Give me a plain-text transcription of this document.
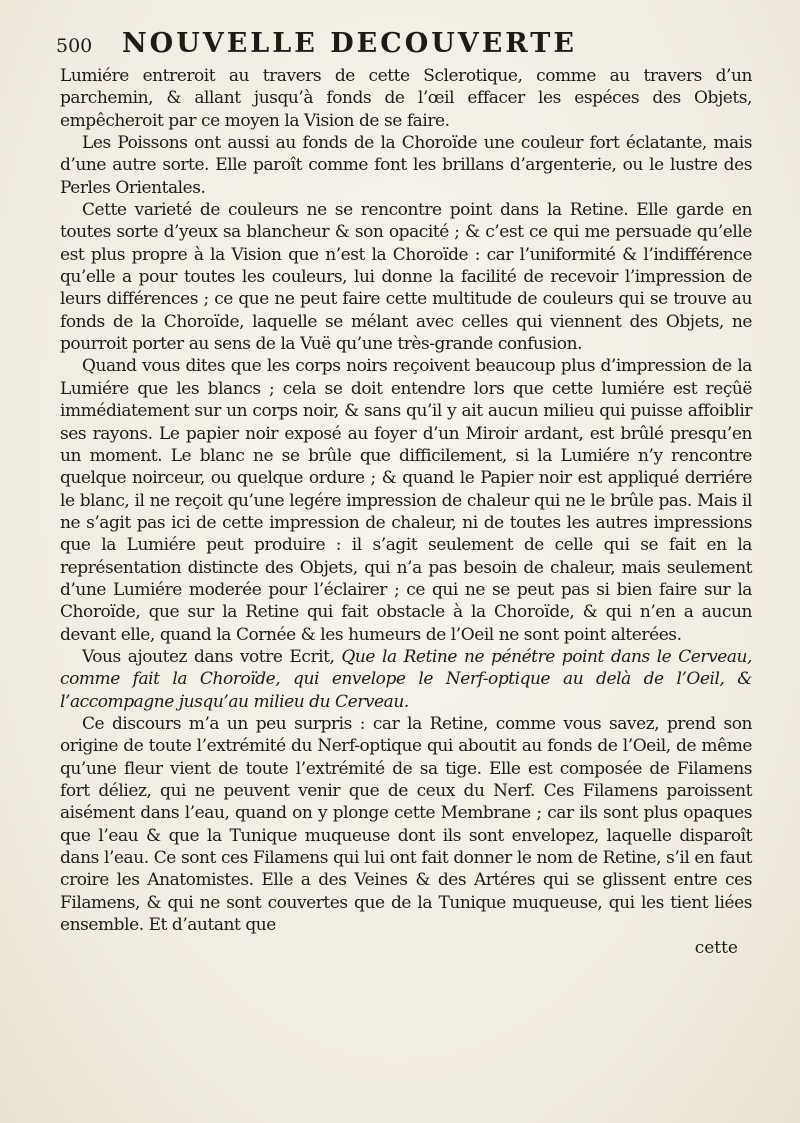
500	NOUVELLE DECOUVERTE

Lumiére entreroit au travers de cette Sclerotique, comme au travers d’un parchemin, & allant jusqu’à fonds de l’œil effacer les espéces des Objets, empêcheroit par ce moyen la Vision de se faire.

Les Poissons ont aussi au fonds de la Choroïde une couleur fort éclatante, mais d’une autre sorte. Elle paroît comme font les brillans d’argenterie, ou le lustre des Perles Orientales.

Cette varieté de couleurs ne se rencontre point dans la Retine. Elle garde en toutes sorte d’yeux sa blancheur & son opacité ; & c’est ce qui me persuade qu’elle est plus propre à la Vision que n’est la Choroïde : car l’uniformité & l’indifférence qu’elle a pour toutes les couleurs, lui donne la facilité de recevoir l’impression de leurs différences ; ce que ne peut faire cette multitude de couleurs qui se trouve au fonds de la Choroïde, laquelle se mélant avec celles qui viennent des Objets, ne pourroit porter au sens de la Vuë qu’une très-grande confusion.

Quand vous dites que les corps noirs reçoivent beaucoup plus d’impression de la Lumiére que les blancs ; cela se doit entendre lors que cette lumiére est reçûë immédiatement sur un corps noir, & sans qu’il y ait aucun milieu qui puisse affoiblir ses rayons. Le papier noir exposé au foyer d’un Miroir ardant, est brûlé presqu’en un moment. Le blanc ne se brûle que difficilement, si la Lumiére n’y rencontre quelque noirceur, ou quelque ordure ; & quand le Papier noir est appliqué derriére le blanc, il ne reçoit qu’une legére impression de chaleur qui ne le brûle pas. Mais il ne s’agit pas ici de cette impression de chaleur, ni de toutes les autres impressions que la Lumiére peut produire : il s’agit seulement de celle qui se fait en la représentation distincte des Objets, qui n’a pas besoin de chaleur, mais seulement d’une Lumiére moderée pour l’éclairer ; ce qui ne se peut pas si bien faire sur la Choroïde, que sur la Retine qui fait obstacle à la Choroïde, & qui n’en a aucun devant elle, quand la Cornée & les humeurs de l’Oeil ne sont point alterées.

Vous ajoutez dans votre Ecrit, Que la Retine ne pénétre point dans le Cerveau, comme fait la Choroïde, qui envelope le Nerf-optique au delà de l’Oeil, & l’accompagne jusqu’au milieu du Cerveau.

Ce discours m’a un peu surpris : car la Retine, comme vous savez, prend son origine de toute l’extrémité du Nerf-optique qui aboutit au fonds de l’Oeil, de même qu’une fleur vient de toute l’extrémité de sa tige. Elle est composée de Filamens fort déliez, qui ne peuvent venir que de ceux du Nerf. Ces Filamens paroissent aisément dans l’eau, quand on y plonge cette Membrane ; car ils sont plus opaques que l’eau & que la Tunique muqueuse dont ils sont envelopez, laquelle disparoît dans l’eau. Ce sont ces Filamens qui lui ont fait donner le nom de Retine, s’il en faut croire les Anatomistes. Elle a des Veines & des Artéres qui se glissent entre ces Filamens, & qui ne sont couvertes que de la Tunique muqueuse, qui les tient liées ensemble. Et d’autant que

cette
